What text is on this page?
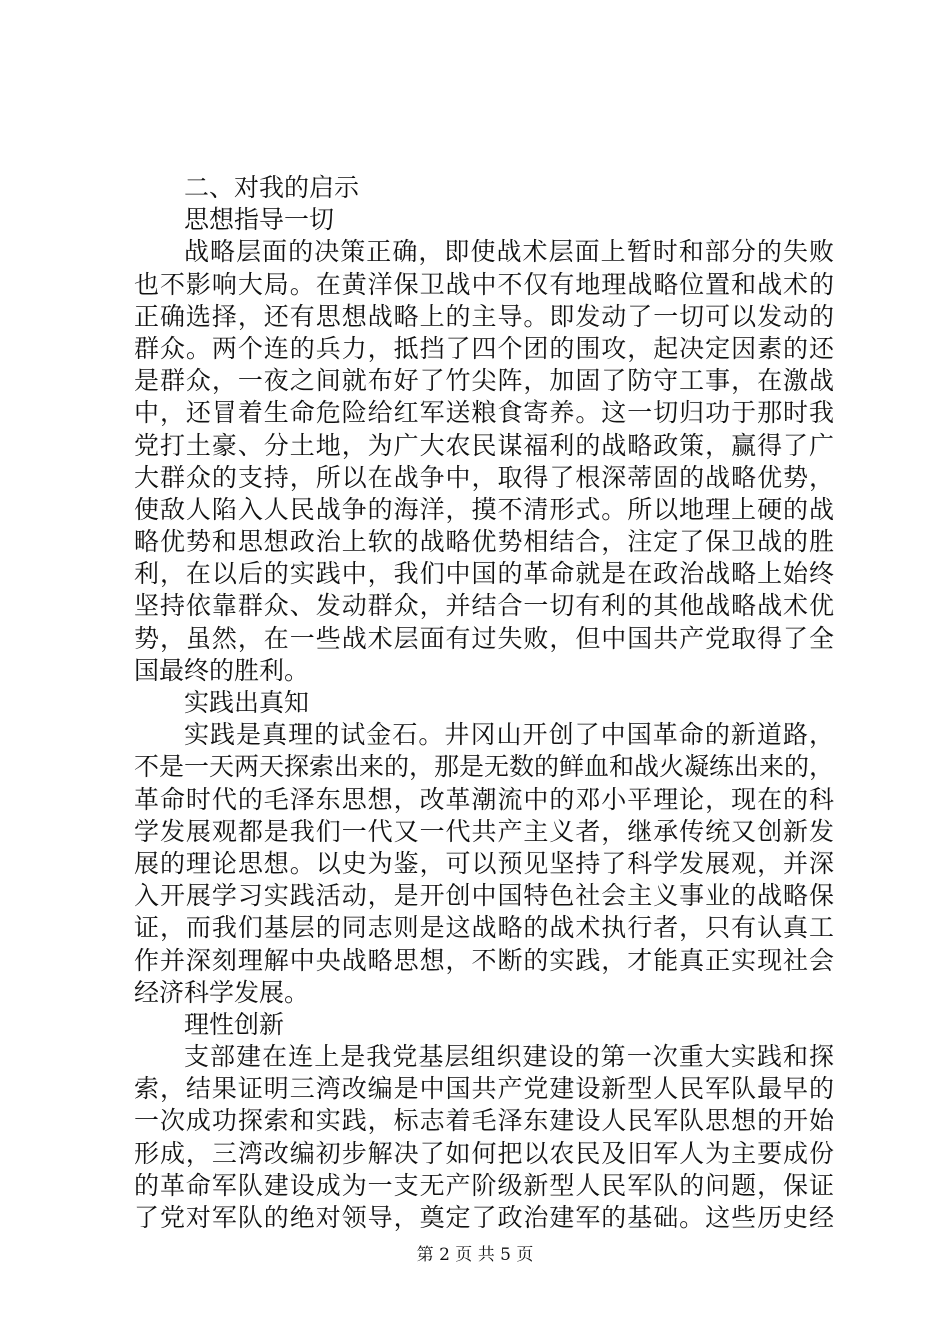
二、对我的启示
思想指导一切
战略层面的决策正确，即使战术层面上暂时和部分的失败
也不影响大局。在黄洋保卫战中不仅有地理战略位置和战术的
正确选择，还有思想战略上的主导。即发动了一切可以发动的
群众。两个连的兵力，抵挡了四个团的围攻，起决定因素的还
是群众，一夜之间就布好了竹尖阵，加固了防守工事，在激战
中，还冒着生命危险给红军送粮食寄养。这一切归功于那时我
党打土豪、分土地，为广大农民谋福利的战略政策，赢得了广
大群众的支持，所以在战争中，取得了根深蒂固的战略优势，
使敌人陷入人民战争的海洋，摸不清形式。所以地理上硬的战
略优势和思想政治上软的战略优势相结合，注定了保卫战的胜
利，在以后的实践中，我们中国的革命就是在政治战略上始终
坚持依靠群众、发动群众，并结合一切有利的其他战略战术优
势，虽然，在一些战术层面有过失败，但中国共产党取得了全
国最终的胜利。
实践出真知
实践是真理的试金石。井冈山开创了中国革命的新道路，
不是一天两天探索出来的，那是无数的鲜血和战火凝练出来的，
革命时代的毛泽东思想，改革潮流中的邓小平理论，现在的科
学发展观都是我们一代又一代共产主义者，继承传统又创新发
展的理论思想。以史为鉴，可以预见坚持了科学发展观，并深
入开展学习实践活动，是开创中国特色社会主义事业的战略保
证，而我们基层的同志则是这战略的战术执行者，只有认真工
作并深刻理解中央战略思想，不断的实践，才能真正实现社会
经济科学发展。
理性创新
支部建在连上是我党基层组织建设的第一次重大实践和探
索，结果证明三湾改编是中国共产党建设新型人民军队最早的
一次成功探索和实践，标志着毛泽东建设人民军队思想的开始
形成，三湾改编初步解决了如何把以农民及旧军人为主要成份
的革命军队建设成为一支无产阶级新型人民军队的问题，保证
了党对军队的绝对领导，奠定了政治建军的基础。这些历史经
第 2 页 共 5 页
